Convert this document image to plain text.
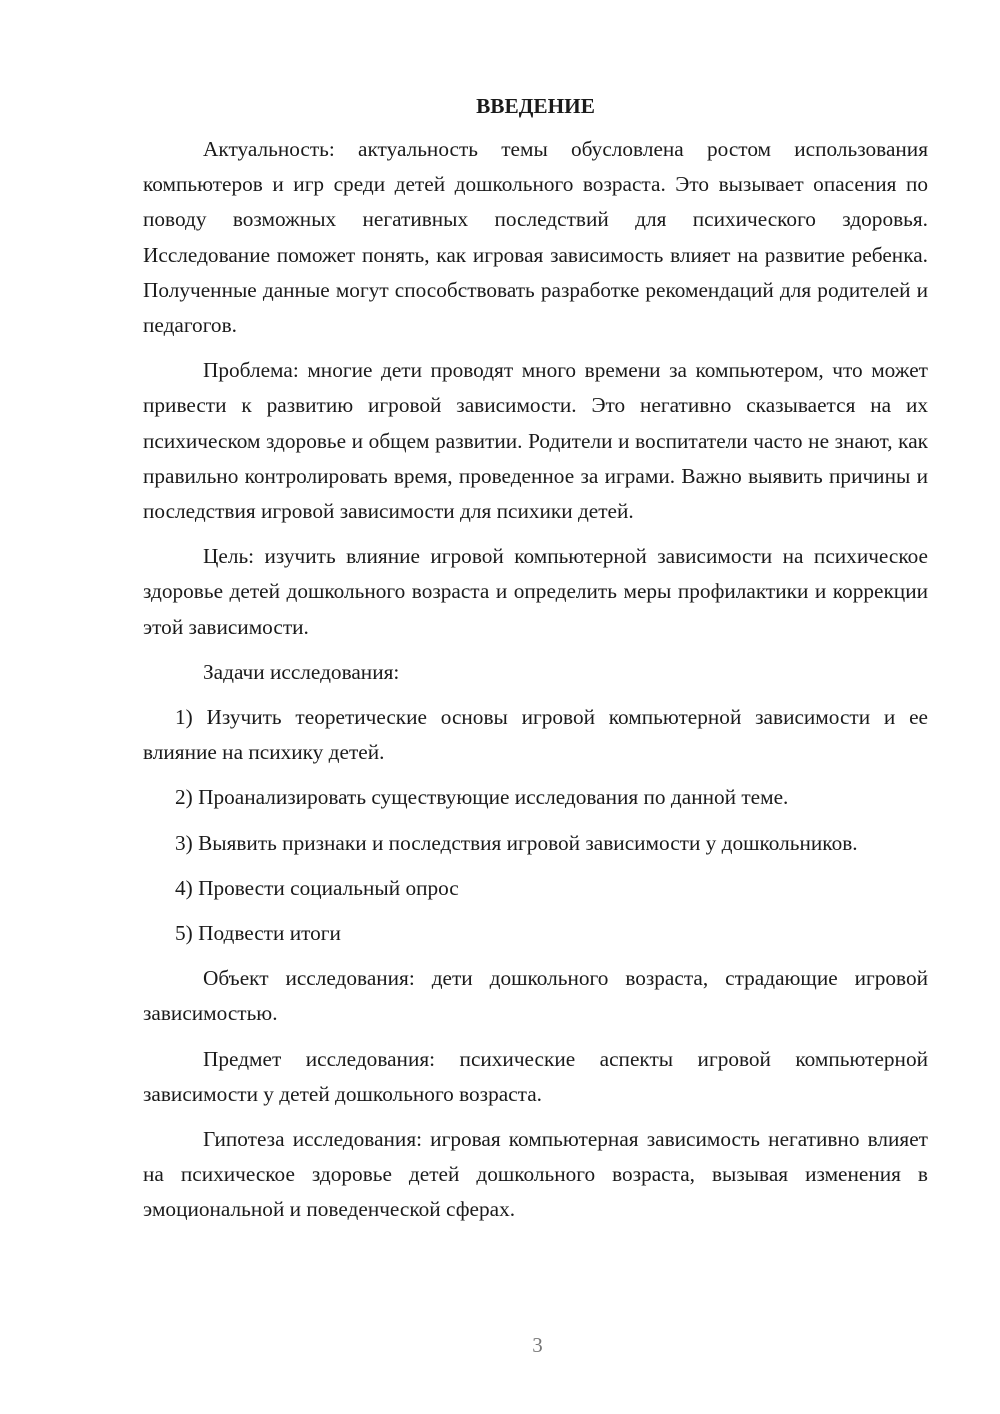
ВВЕДЕНИЕ

Актуальность: актуальность темы обусловлена ростом использования компьютеров и игр среди детей дошкольного возраста. Это вызывает опасения по поводу возможных негативных последствий для психического здоровья. Исследование поможет понять, как игровая зависимость влияет на развитие ребенка. Полученные данные могут способствовать разработке рекомендаций для родителей и педагогов.

Проблема: многие дети проводят много времени за компьютером, что может привести к развитию игровой зависимости. Это негативно сказывается на их психическом здоровье и общем развитии. Родители и воспитатели часто не знают, как правильно контролировать время, проведенное за играми. Важно выявить причины и последствия игровой зависимости для психики детей.

Цель: изучить влияние игровой компьютерной зависимости на психическое здоровье детей дошкольного возраста и определить меры профилактики и коррекции этой зависимости.

Задачи исследования:

1) Изучить теоретические основы игровой компьютерной зависимости и ее влияние на психику детей.

2) Проанализировать существующие исследования по данной теме.

3) Выявить признаки и последствия игровой зависимости у дошкольников.

4) Провести социальный опрос

5) Подвести итоги

Объект исследования: дети дошкольного возраста, страдающие игровой зависимостью.

Предмет исследования: психические аспекты игровой компьютерной зависимости у детей дошкольного возраста.

Гипотеза исследования: игровая компьютерная зависимость негативно влияет на психическое здоровье детей дошкольного возраста, вызывая изменения в эмоциональной и поведенческой сферах.

3
